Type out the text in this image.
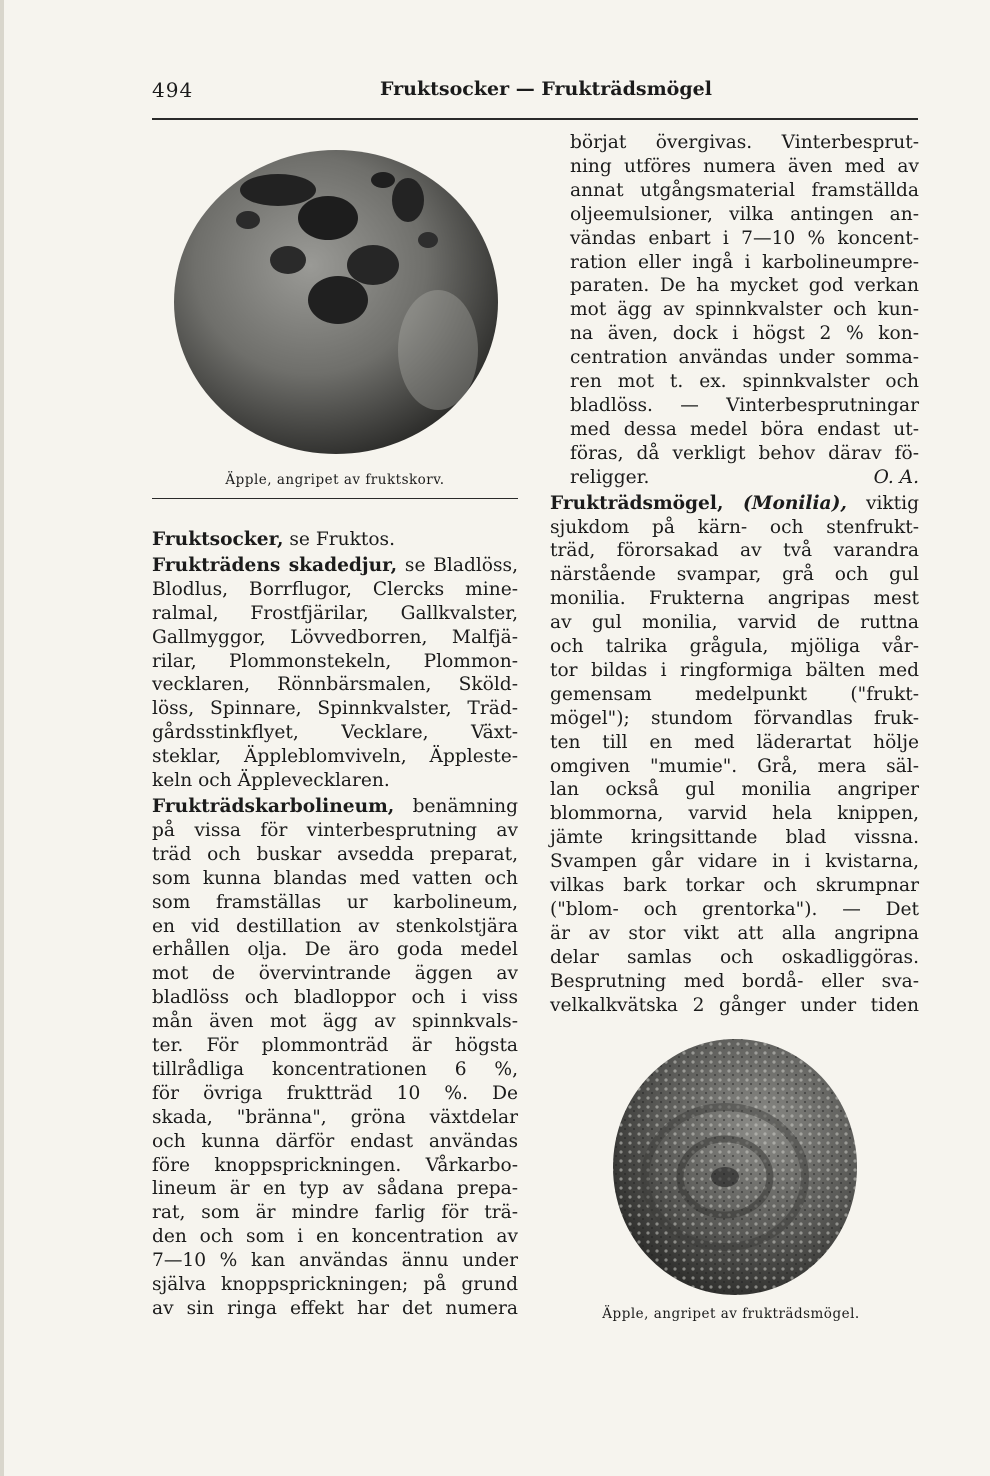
494	Fruktsocker — Frukträdsmögel
Äpple, angripet av fruktskorv.
Fruktsocker, se Fruktos.
Frukträdens skadedjur, se Bladlöss,
Blodlus, Borrflugor, Clercks mine-
ralmal, Frostfjärilar, Gallkvalster,
Gallmyggor, Lövvedborren, Malfjä-
rilar, Plommonstekeln, Plommon-
vecklaren, Rönnbärsmalen, Sköld-
löss, Spinnare, Spinnkvalster, Träd-
gårdsstinkflyet, Vecklare, Växt-
steklar, Äppleblomviveln, Äppleste-
keln och Äpplevecklaren.
Frukträdskarbolineum, benämning
på vissa för vinterbesprutning av
träd och buskar avsedda preparat,
som kunna blandas med vatten och
som framställas ur karbolineum,
en vid destillation av stenkolstjära
erhållen olja. De äro goda medel
mot de övervintrande äggen av
bladlöss och bladloppor och i viss
mån även mot ägg av spinnkvals-
ter. För plommonträd är högsta
tillrådliga koncentrationen 6 %,
för övriga fruktträd 10 %. De
skada, "bränna", gröna växtdelar
och kunna därför endast användas
före knoppsprickningen. Vårkarbo-
lineum är en typ av sådana prepa-
rat, som är mindre farlig för trä-
den och som i en koncentration av
7—10 % kan användas ännu under
själva knoppsprickningen; på grund
av sin ringa effekt har det numera
börjat övergivas. Vinterbesprut-
ning utföres numera även med av
annat utgångsmaterial framställda
oljeemulsioner, vilka antingen an-
vändas enbart i 7—10 % koncent-
ration eller ingå i karbolineumpre-
paraten. De ha mycket god verkan
mot ägg av spinnkvalster och kun-
na även, dock i högst 2 % kon-
centration användas under somma-
ren mot t. ex. spinnkvalster och
bladlöss. — Vinterbesprutningar
med dessa medel böra endast ut-
föras, då verkligt behov därav fö-
religger.	O. A.
Frukträdsmögel, (Monilia), viktig
sjukdom på kärn- och stenfrukt-
träd, förorsakad av två varandra
närstående svampar, grå och gul
monilia. Frukterna angripas mest
av gul monilia, varvid de ruttna
och talrika grågula, mjöliga vår-
tor bildas i ringformiga bälten med
gemensam medelpunkt ("frukt-
mögel"); stundom förvandlas fruk-
ten till en med läderartat hölje
omgiven "mumie". Grå, mera säl-
lan också gul monilia angriper
blommorna, varvid hela knippen,
jämte kringsittande blad vissna.
Svampen går vidare in i kvistarna,
vilkas bark torkar och skrumpnar
("blom- och grentorka"). — Det
är av stor vikt att alla angripna
delar samlas och oskadliggöras.
Besprutning med bordå- eller sva-
velkalkvätska 2 gånger under tiden
Äpple, angripet av frukträdsmögel.
